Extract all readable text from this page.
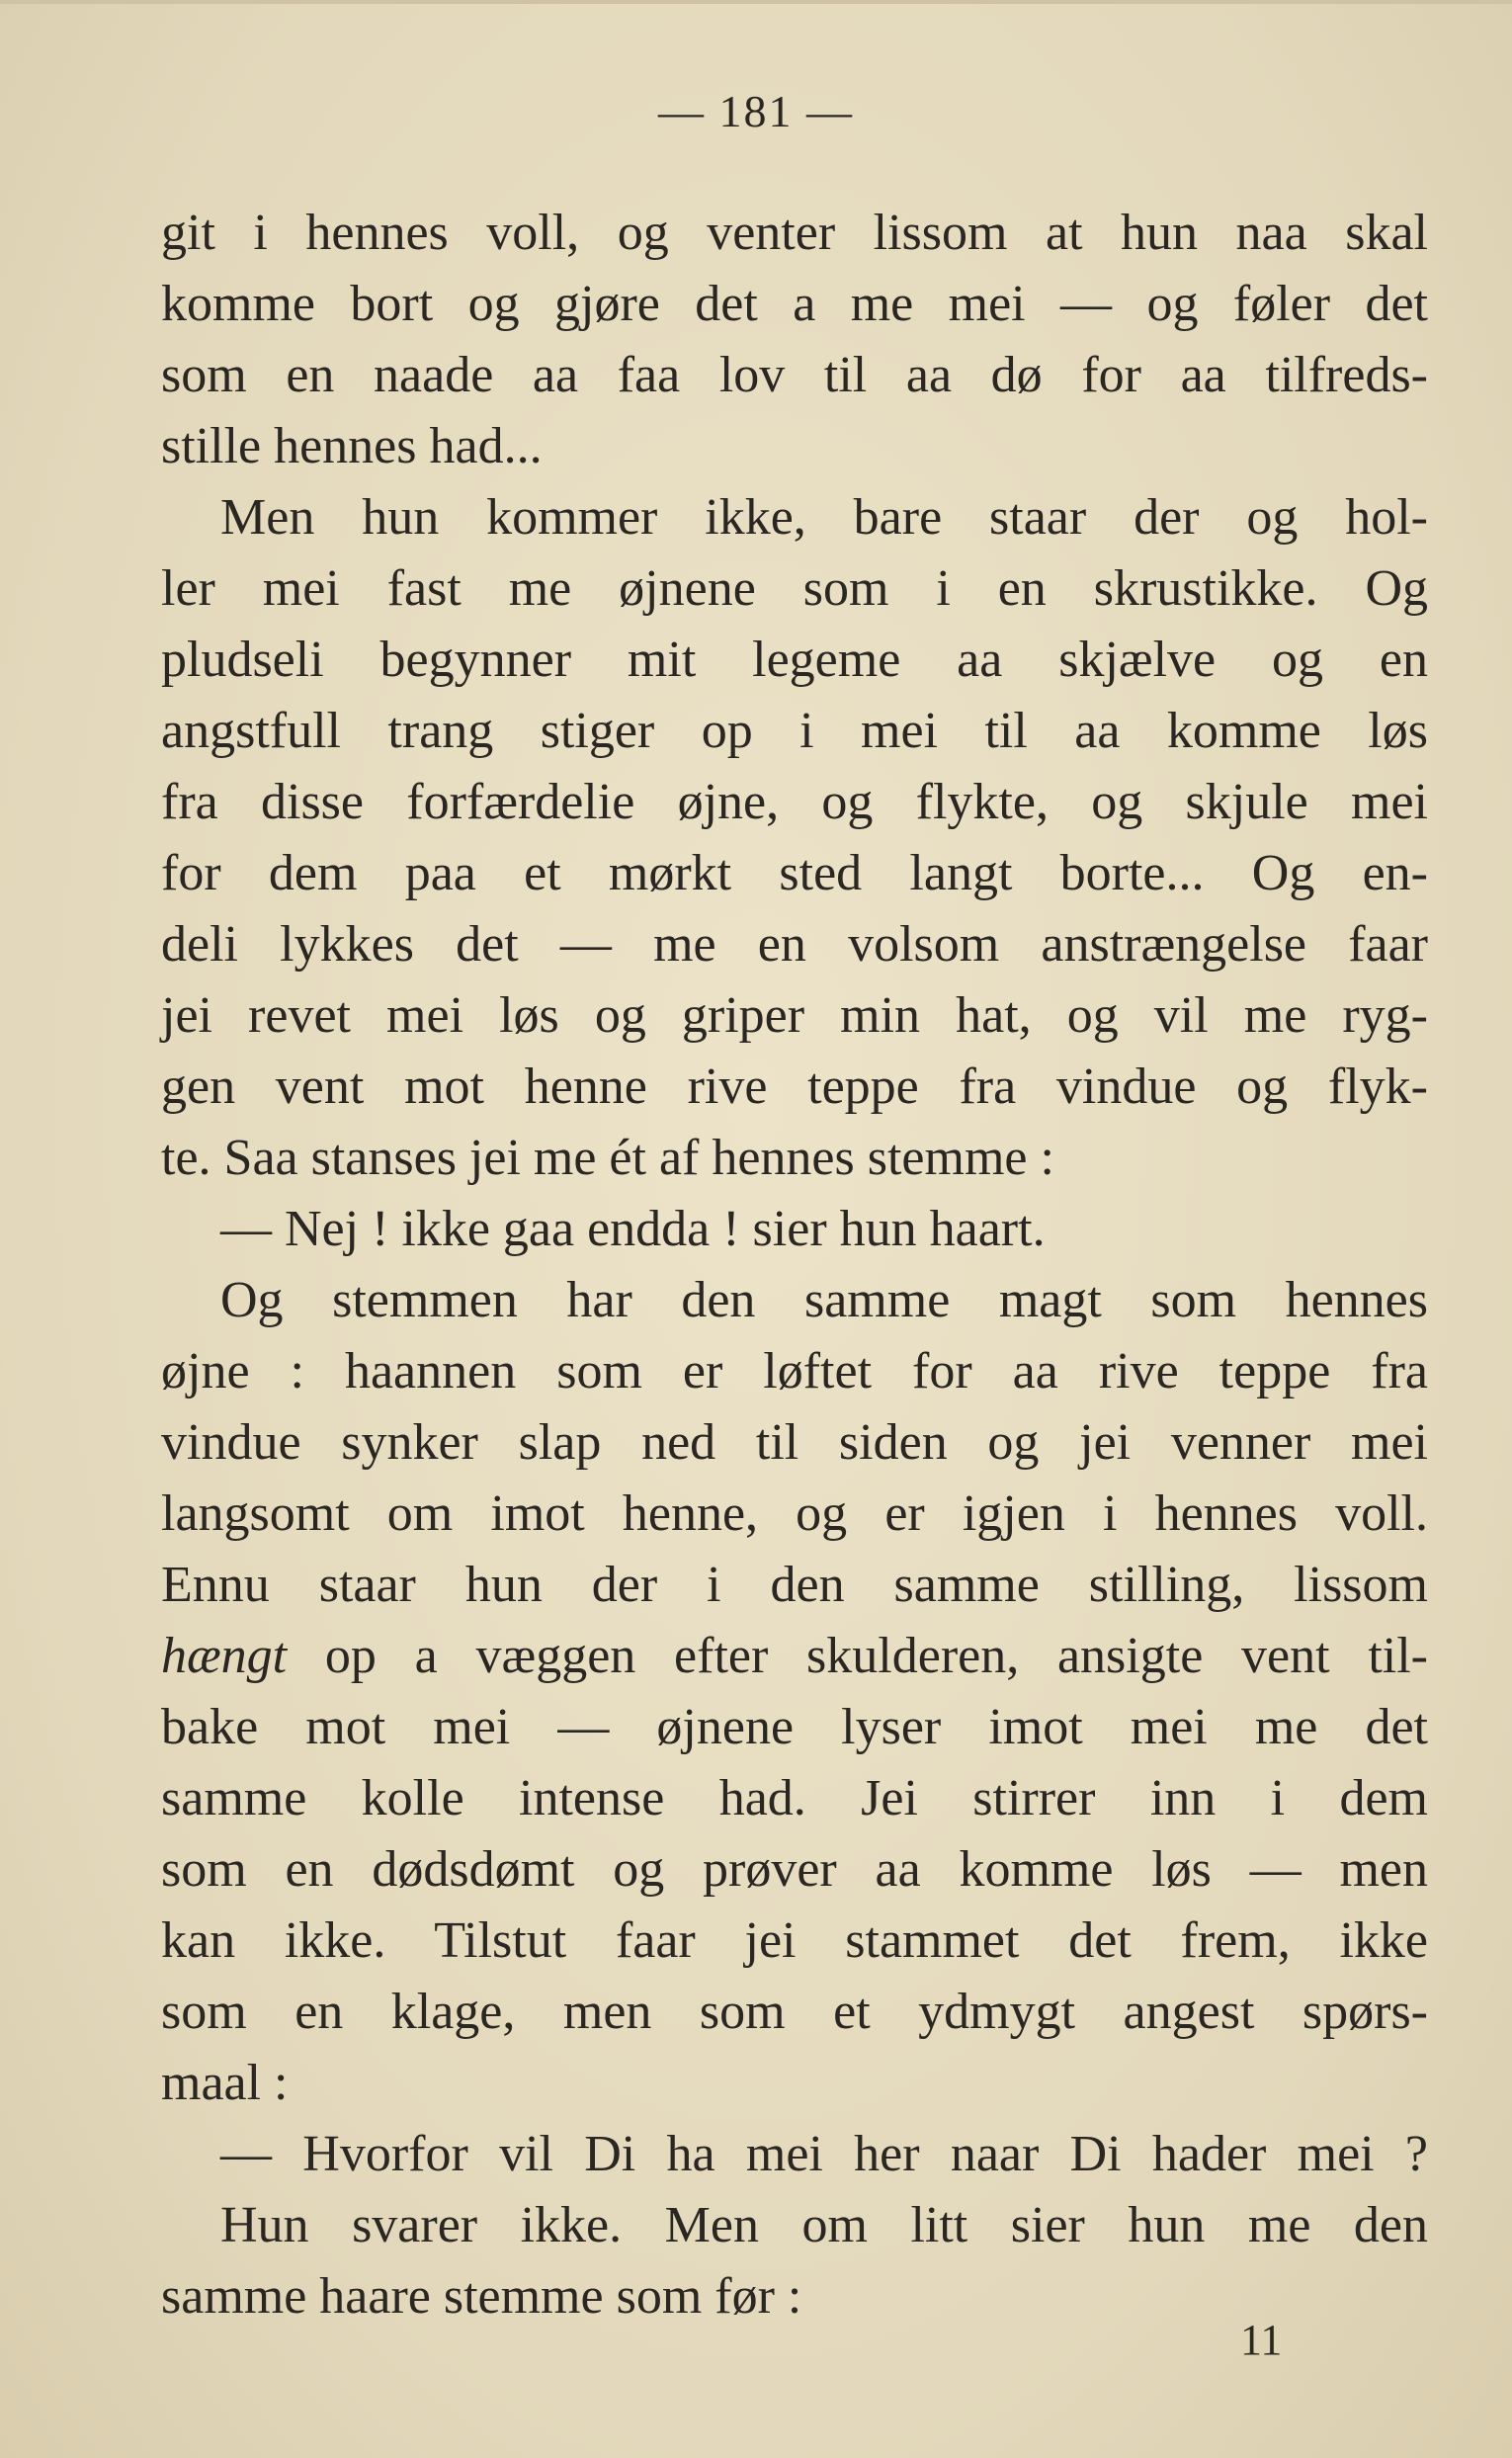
— 181 —
git i hennes voll, og venter lissom at hun naa skal
komme bort og gjøre det a me mei — og føler det
som en naade aa faa lov til aa dø for aa tilfreds-
stille hennes had...
Men hun kommer ikke, bare staar der og hol-
ler mei fast me øjnene som i en skrustikke. Og
pludseli begynner mit legeme aa skjælve og en
angstfull trang stiger op i mei til aa komme løs
fra disse forfærdelie øjne, og flykte, og skjule mei
for dem paa et mørkt sted langt borte... Og en-
deli lykkes det — me en volsom anstrængelse faar
jei revet mei løs og griper min hat, og vil me ryg-
gen vent mot henne rive teppe fra vindue og flyk-
te. Saa stanses jei me ét af hennes stemme :
— Nej ! ikke gaa endda ! sier hun haart.
Og stemmen har den samme magt som hennes
øjne : haannen som er løftet for aa rive teppe fra
vindue synker slap ned til siden og jei venner mei
langsomt om imot henne, og er igjen i hennes voll.
Ennu staar hun der i den samme stilling, lissom
hængt op a væggen efter skulderen, ansigte vent til-
bake mot mei — øjnene lyser imot mei me det
samme kolle intense had. Jei stirrer inn i dem
som en dødsdømt og prøver aa komme løs — men
kan ikke. Tilstut faar jei stammet det frem, ikke
som en klage, men som et ydmygt angest spørs-
maal :
— Hvorfor vil Di ha mei her naar Di hader mei ?
Hun svarer ikke. Men om litt sier hun me den
samme haare stemme som før :
11
